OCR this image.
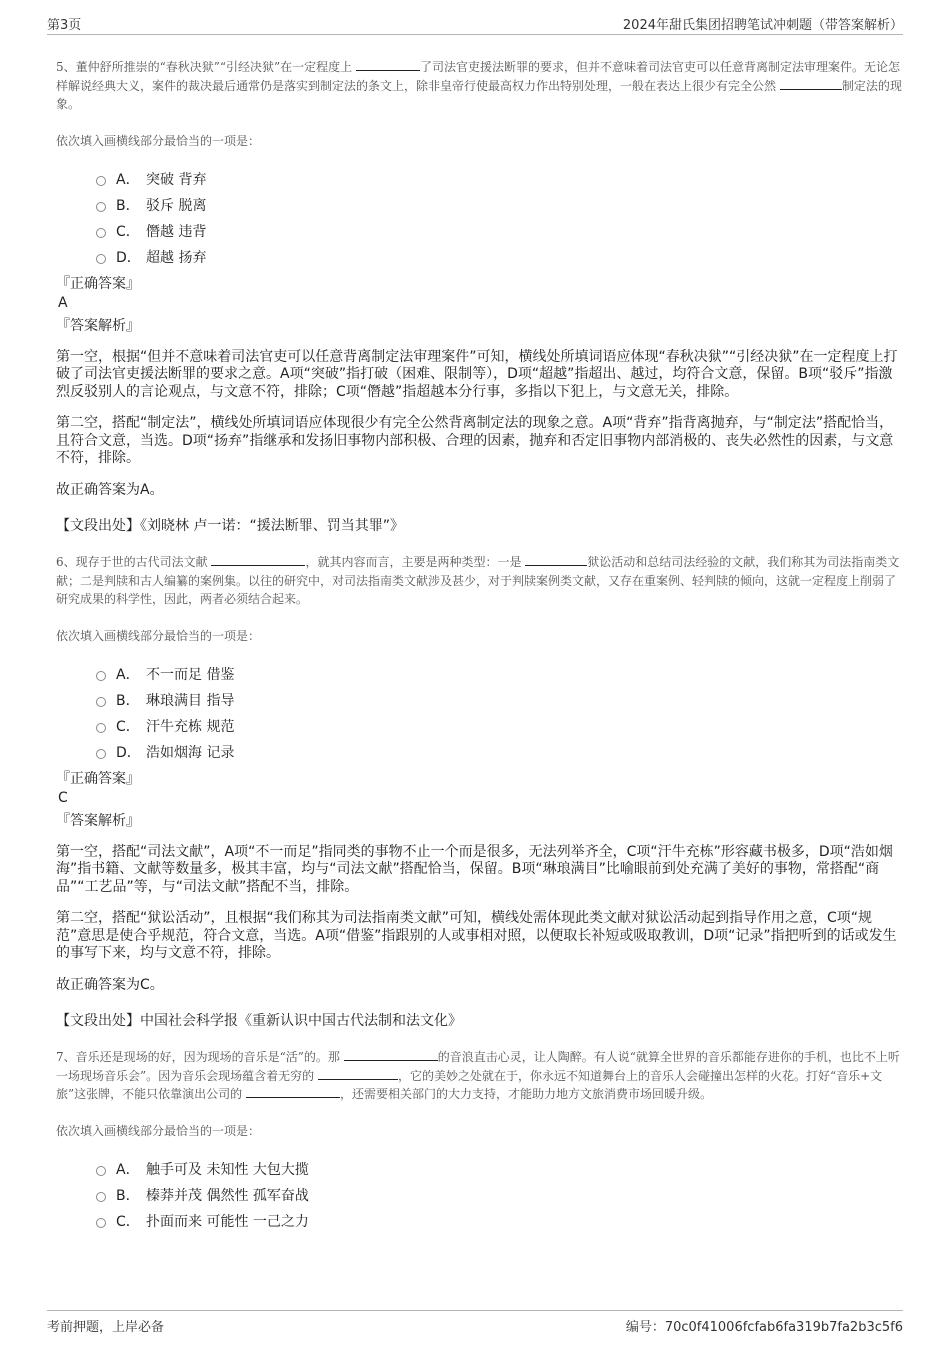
第3页	2024年甜氏集团招聘笔试冲刺题（带答案解析）

5、董仲舒所推崇的“春秋决狱”“引经决狱”在一定程度上	了司法官吏援法断罪的要求，但并不意味着司法官吏可以任意背离制定法审理案件。无论怎样解说经典大义，案件的裁决最后通常仍是落实到制定法的条文上，除非皇帝行使最高权力作出特别处理，一般在表达上很少有完全公然	制定法的现象。

依次填入画横线部分最恰当的一项是：

A． 突破 背弃
B． 驳斥 脱离
C． 僭越 违背
D． 超越 扬弃

『正确答案』

A

『答案解析』

第一空，根据“但并不意味着司法官吏可以任意背离制定法审理案件”可知，横线处所填词语应体现“春秋决狱”“引经决狱”在一定程度上打破了司法官吏援法断罪的要求之意。A项“突破”指打破（困难、限制等），D项“超越”指超出、越过，均符合文意，保留。B项“驳斥”指激烈反驳别人的言论观点，与文意不符，排除；C项“僭越”指超越本分行事，多指以下犯上，与文意无关，排除。

第二空，搭配“制定法”，横线处所填词语应体现很少有完全公然背离制定法的现象之意。A项“背弃”指背离抛弃，与“制定法”搭配恰当，且符合文意，当选。D项“扬弃”指继承和发扬旧事物内部积极、合理的因素，抛弃和否定旧事物内部消极的、丧失必然性的因素，与文意不符，排除。

故正确答案为A。

【文段出处】《刘晓林 卢一诺：“援法断罪、罚当其罪”》

6、现存于世的古代司法文献	，就其内容而言，主要是两种类型：一是	狱讼活动和总结司法经验的文献，我们称其为司法指南类文献；二是判牍和古人编纂的案例集。以往的研究中，对司法指南类文献涉及甚少，对于判牍案例类文献，又存在重案例、轻判牍的倾向，这就一定程度上削弱了研究成果的科学性，因此，两者必须结合起来。

依次填入画横线部分最恰当的一项是：

A． 不一而足 借鉴
B． 琳琅满目 指导
C． 汗牛充栋 规范
D． 浩如烟海 记录

『正确答案』

C

『答案解析』

第一空，搭配“司法文献”，A项“不一而足”指同类的事物不止一个而是很多，无法列举齐全，C项“汗牛充栋”形容藏书极多，D项“浩如烟海”指书籍、文献等数量多，极其丰富，均与“司法文献”搭配恰当，保留。B项“琳琅满目”比喻眼前到处充满了美好的事物，常搭配“商品”“工艺品”等，与“司法文献”搭配不当，排除。

第二空，搭配“狱讼活动”，且根据“我们称其为司法指南类文献”可知，横线处需体现此类文献对狱讼活动起到指导作用之意，C项“规范”意思是使合乎规范，符合文意，当选。A项“借鉴”指跟别的人或事相对照，以便取长补短或吸取教训，D项“记录”指把听到的话或发生的事写下来，均与文意不符，排除。

故正确答案为C。

【文段出处】中国社会科学报《重新认识中国古代法制和法文化》

7、音乐还是现场的好，因为现场的音乐是“活”的。那	的音浪直击心灵，让人陶醉。有人说“就算全世界的音乐都能存进你的手机，也比不上听一场现场音乐会”。因为音乐会现场蕴含着无穷的	，它的美妙之处就在于，你永远不知道舞台上的音乐人会碰撞出怎样的火花。打好“音乐+文旅”这张牌，不能只依靠演出公司的	，还需要相关部门的大力支持，才能助力地方文旅消费市场回暖升级。

依次填入画横线部分最恰当的一项是：

A． 触手可及 未知性 大包大揽
B． 榛莽并茂 偶然性 孤军奋战
C． 扑面而来 可能性 一己之力
考前押题，上岸必备	编号：70c0f41006fcfab6fa319b7fa2b3c5f6
